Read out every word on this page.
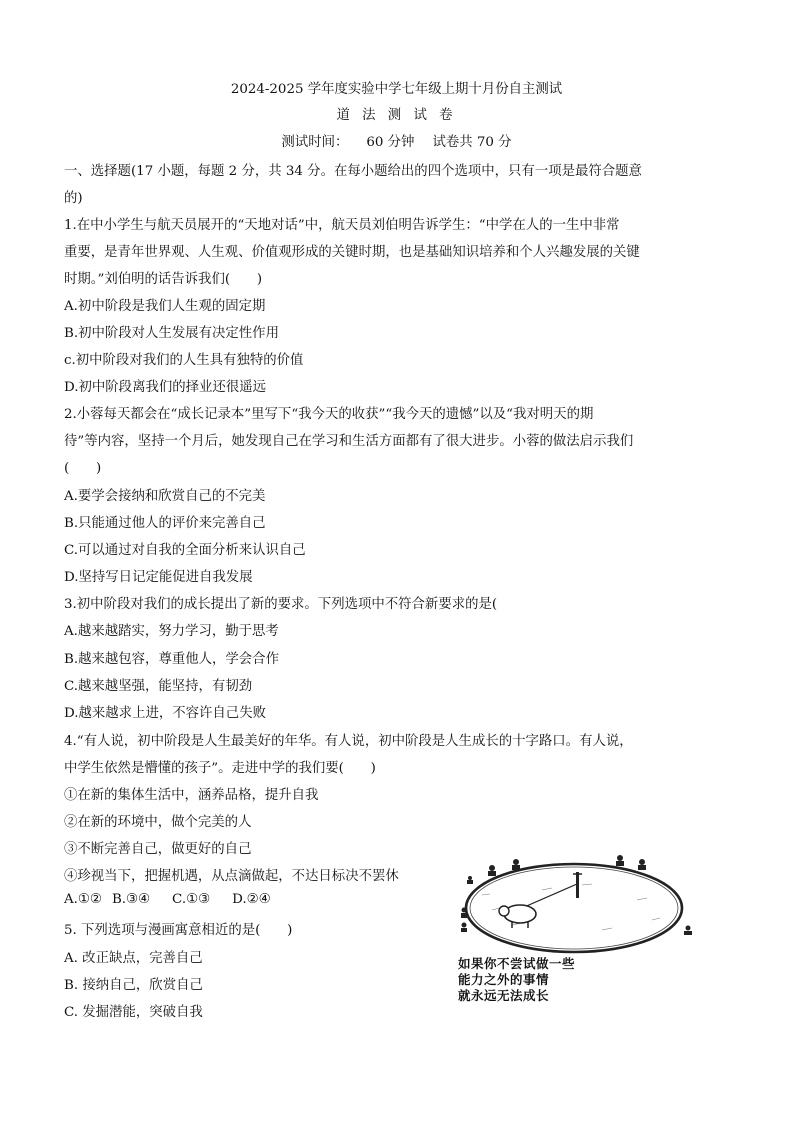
2024-2025 学年度实验中学七年级上期十月份自主测试
道 法 测 试 卷
测试时间： 60 分钟 试卷共 70 分
一、选择题(17 小题，每题 2 分，共 34 分。在每小题给出的四个选项中，只有一项是最符合题意
的)
1.在中小学生与航天员展开的“天地对话”中，航天员刘伯明告诉学生：“中学在人的一生中非常
重要，是青年世界观、人生观、价值观形成的关键时期，也是基础知识培养和个人兴趣发展的关键
时期。”刘伯明的话告诉我们(　　)
A.初中阶段是我们人生观的固定期
B.初中阶段对人生发展有决定性作用
c.初中阶段对我们的人生具有独特的价值
D.初中阶段离我们的择业还很遥远
2.小蓉每天都会在“成长记录本”里写下“我今天的收获”“我今天的遗憾”以及“我对明天的期
待”等内容，坚持一个月后，她发现自己在学习和生活方面都有了很大进步。小蓉的做法启示我们
(　　)
A.要学会接纳和欣赏自己的不完美
B.只能通过他人的评价来完善自己
C.可以通过对自我的全面分析来认识自己
D.坚持写日记定能促进自我发展
3.初中阶段对我们的成长提出了新的要求。下列选项中不符合新要求的是(
A.越来越踏实，努力学习，勤于思考
B.越来越包容，尊重他人，学会合作
C.越来越坚强，能坚持，有韧劲
D.越来越求上进，不容许自己失败
4.“有人说，初中阶段是人生最美好的年华。有人说，初中阶段是人生成长的十字路口。有人说，
中学生依然是懵懂的孩子”。走进中学的我们要(　　)
①在新的集体生活中，涵养品格，提升自我
②在新的环境中，做个完美的人
③不断完善自己，做更好的自己
④珍视当下，把握机遇，从点滴做起，不达日标决不罢休
A.①② B.③④ C.①③ D.②④
5. 下列选项与漫画寓意相近的是(　　)
A. 改正缺点，完善自己
B. 接纳自己，欣赏自己
C. 发掘潜能，突破自我
如果你不尝试做一些
能力之外的事情
就永远无法成长
